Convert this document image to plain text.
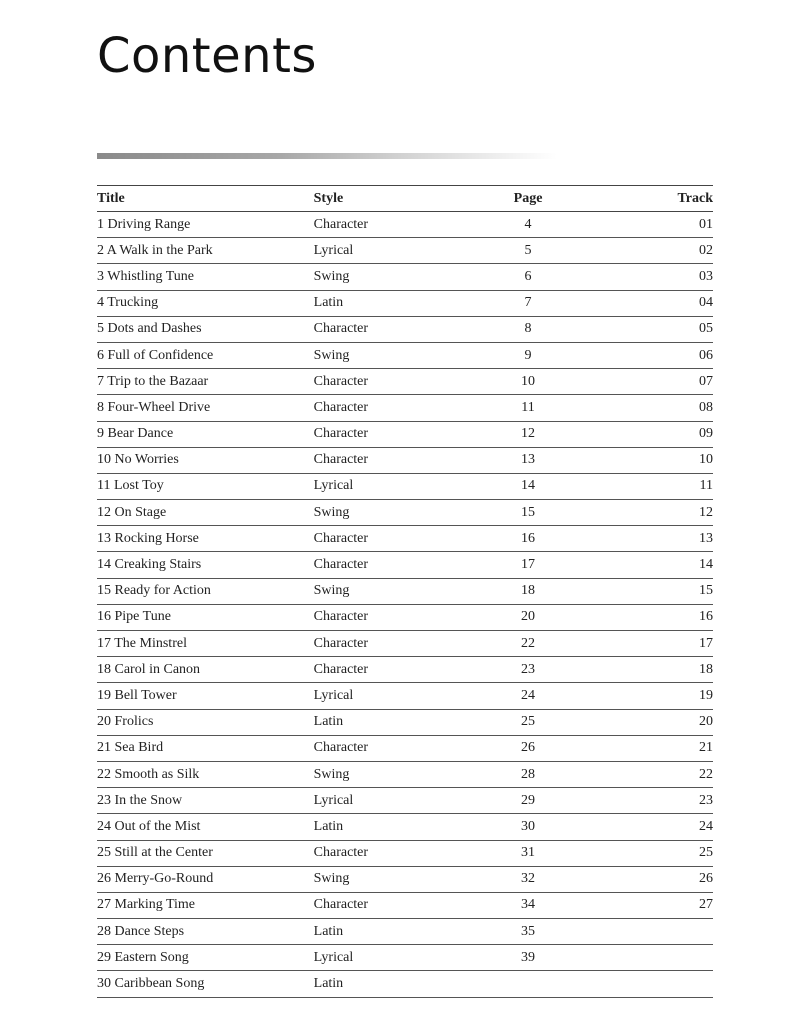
Contents
Title	Style	Page	Track
1 Driving Range	Character	4	01
2 A Walk in the Park	Lyrical	5	02
3 Whistling Tune	Swing	6	03
4 Trucking	Latin	7	04
5 Dots and Dashes	Character	8	05
6 Full of Confidence	Swing	9	06
7 Trip to the Bazaar	Character	10	07
8 Four-Wheel Drive	Character	11	08
9 Bear Dance	Character	12	09
10 No Worries	Character	13	10
11 Lost Toy	Lyrical	14	11
12 On Stage	Swing	15	12
13 Rocking Horse	Character	16	13
14 Creaking Stairs	Character	17	14
15 Ready for Action	Swing	18	15
16 Pipe Tune	Character	20	16
17 The Minstrel	Character	22	17
18 Carol in Canon	Character	23	18
19 Bell Tower	Lyrical	24	19
20 Frolics	Latin	25	20
21 Sea Bird	Character	26	21
22 Smooth as Silk	Swing	28	22
23 In the Snow	Lyrical	29	23
24 Out of the Mist	Latin	30	24
25 Still at the Center	Character	31	25
26 Merry-Go-Round	Swing	32	26
27 Marking Time	Character	34	27
28 Dance Steps	Latin	35	
29 Eastern Song	Lyrical	39	
30 Caribbean Song	Latin		
